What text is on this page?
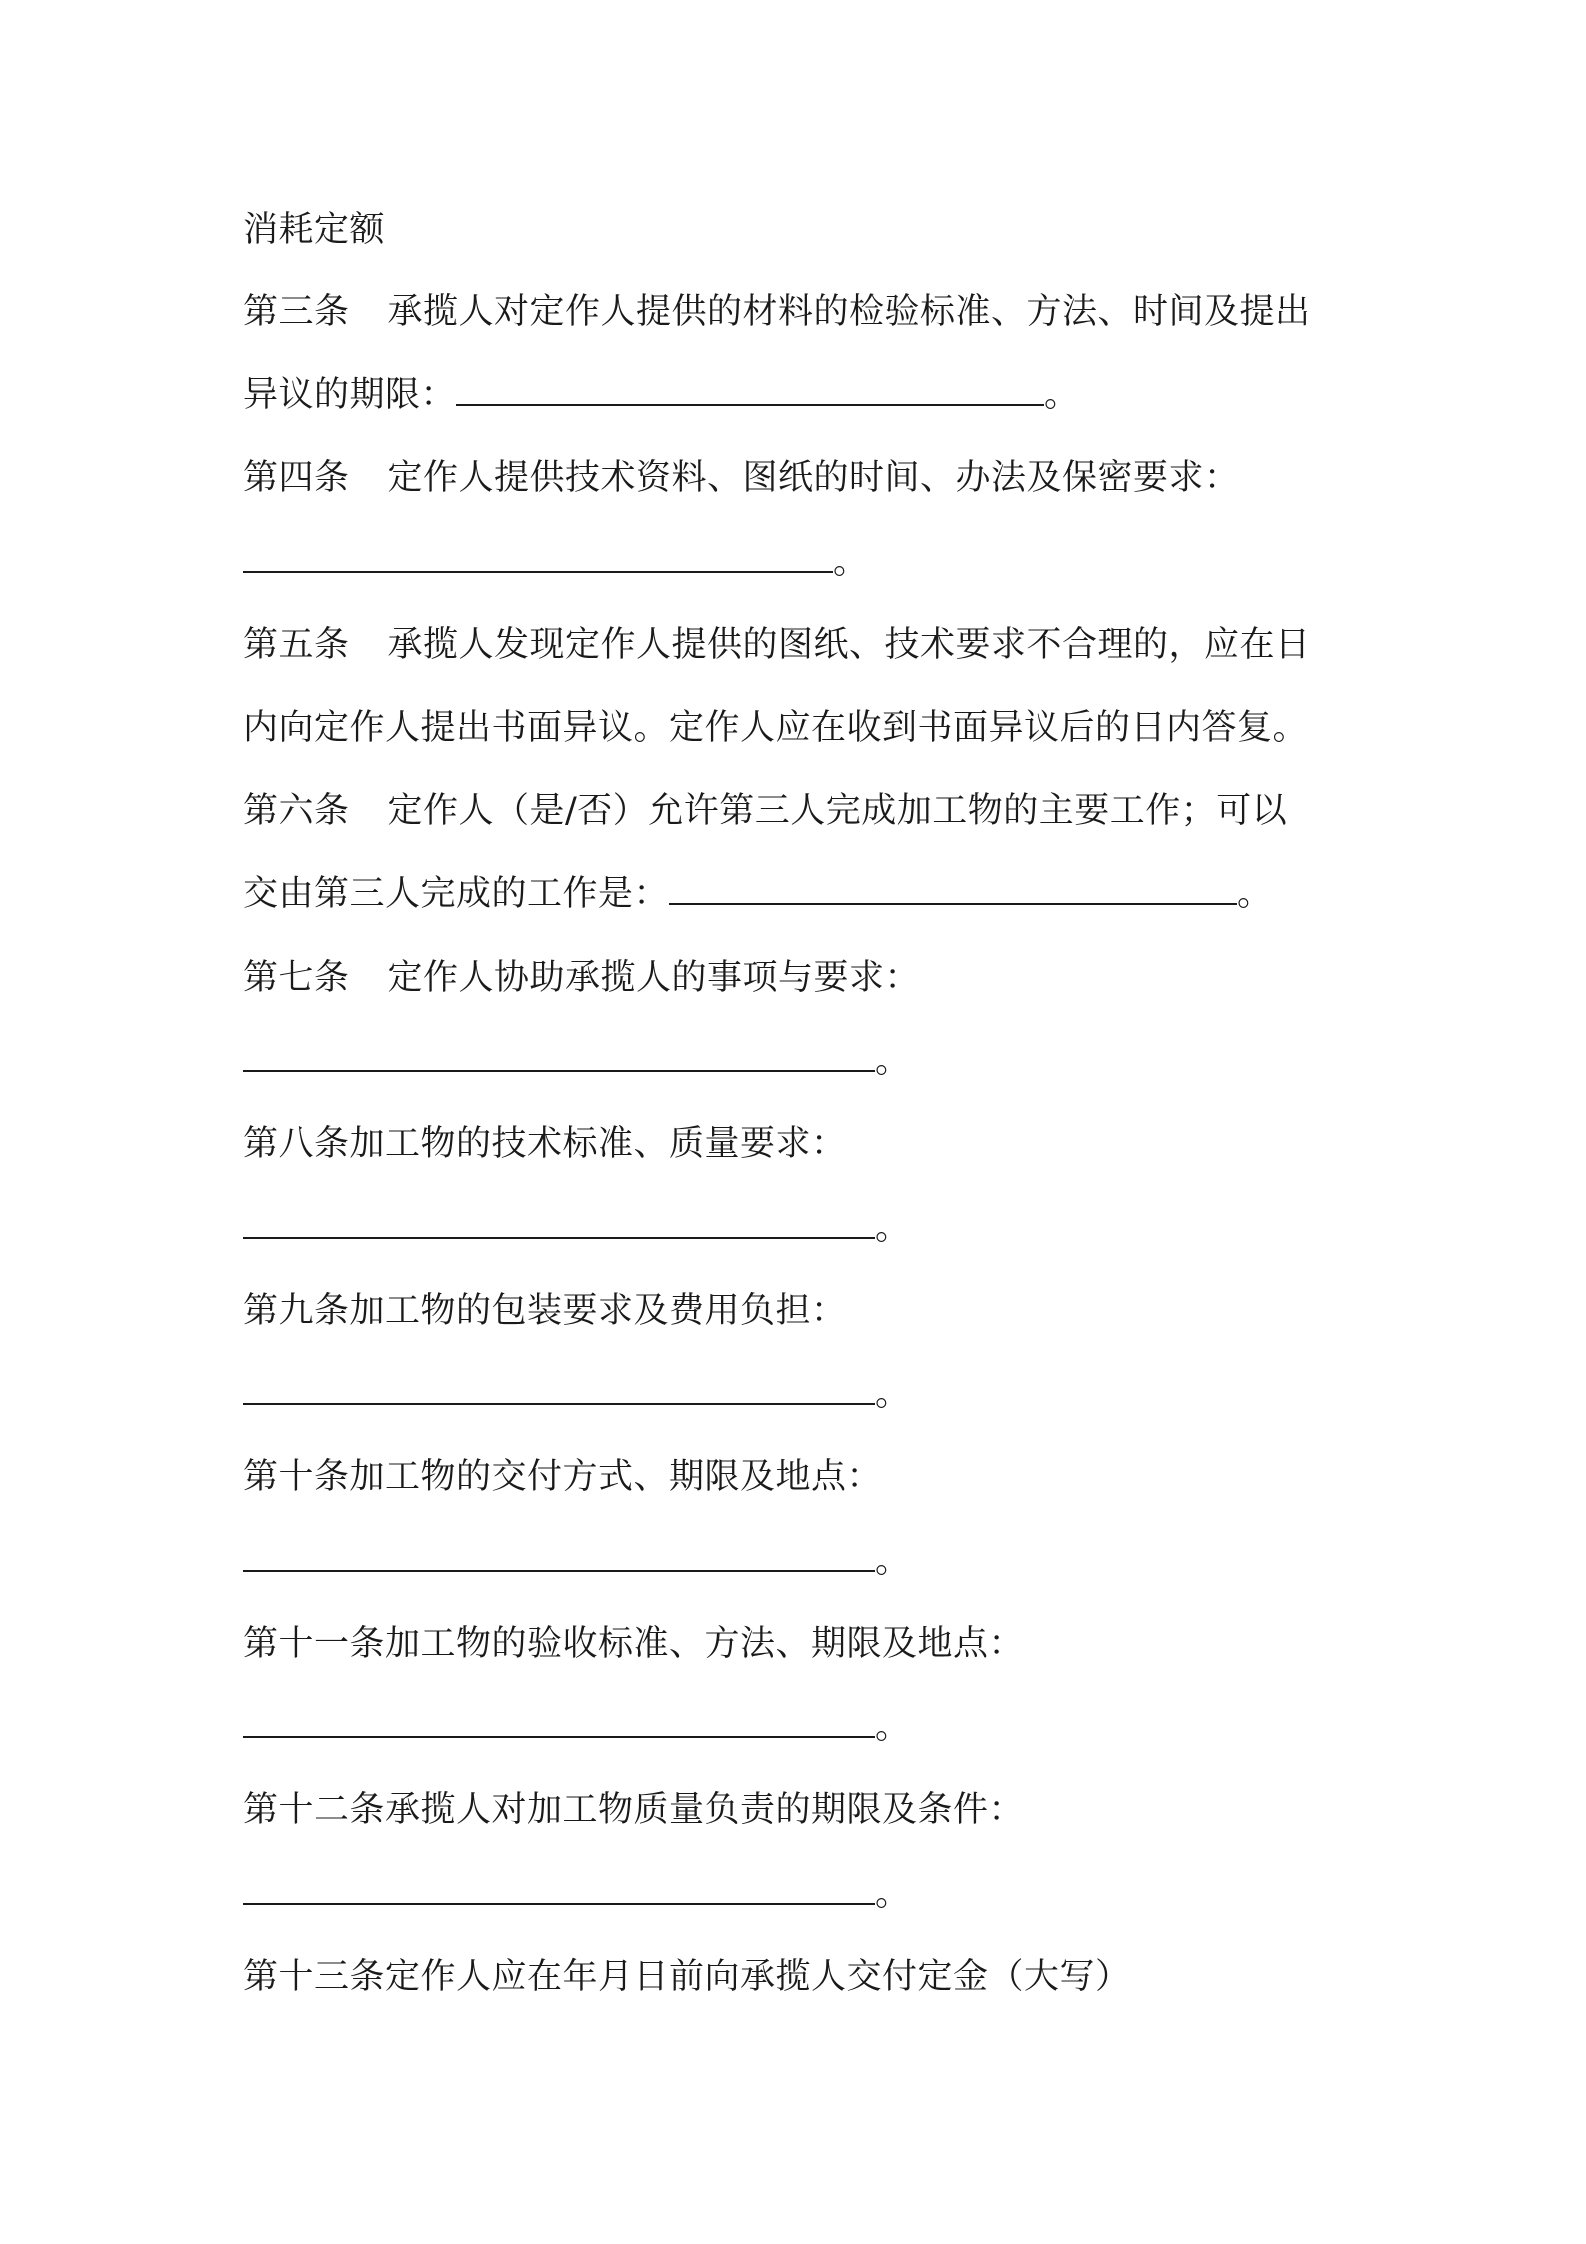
消耗定额
第三条 承揽人对定作人提供的材料的检验标准、方法、时间及提出
异议的期限：	。
第四条 定作人提供技术资料、图纸的时间、办法及保密要求：
。
第五条 承揽人发现定作人提供的图纸、技术要求不合理的，应在日
内向定作人提出书面异议。定作人应在收到书面异议后的日内答复。
第六条 定作人（是/否）允许第三人完成加工物的主要工作；可以
交由第三人完成的工作是：	。
第七条 定作人协助承揽人的事项与要求：
。
第八条加工物的技术标准、质量要求：
。
第九条加工物的包装要求及费用负担：
。
第十条加工物的交付方式、期限及地点：
。
第十一条加工物的验收标准、方法、期限及地点：
。
第十二条承揽人对加工物质量负责的期限及条件：
。
第十三条定作人应在年月日前向承揽人交付定金（大写）
